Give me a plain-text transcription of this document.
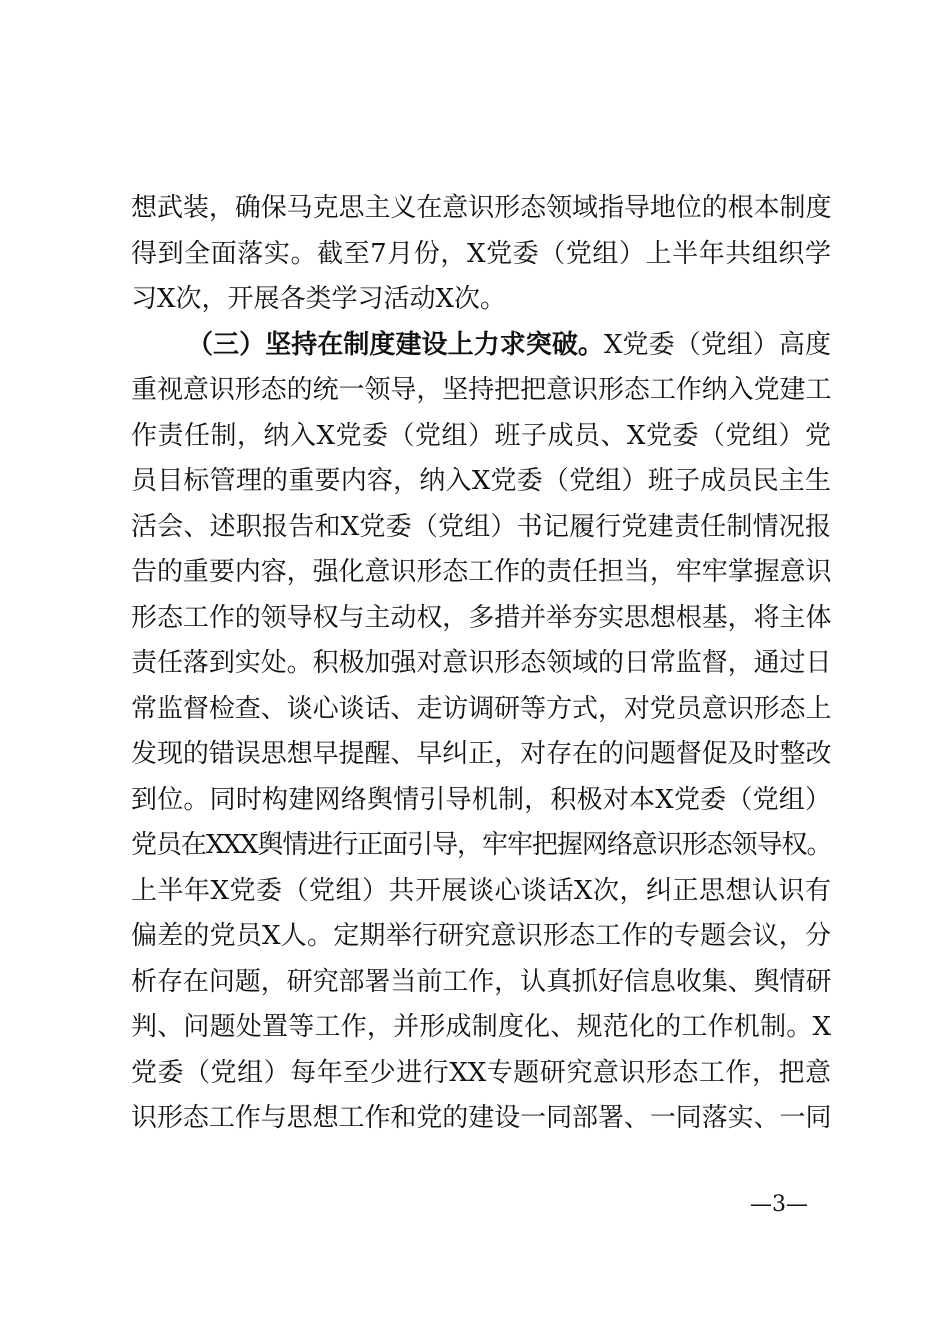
想武装，确保马克思主义在意识形态领域指导地位的根本制度
得到全面落实。截至7月份，X党委（党组）上半年共组织学
习X次，开展各类学习活动X次。
（三）坚持在制度建设上力求突破。X党委（党组）高度
重视意识形态的统一领导，坚持把把意识形态工作纳入党建工
作责任制，纳入X党委（党组）班子成员、X党委（党组）党
员目标管理的重要内容，纳入X党委（党组）班子成员民主生
活会、述职报告和X党委（党组）书记履行党建责任制情况报
告的重要内容，强化意识形态工作的责任担当，牢牢掌握意识
形态工作的领导权与主动权，多措并举夯实思想根基，将主体
责任落到实处。积极加强对意识形态领域的日常监督，通过日
常监督检查、谈心谈话、走访调研等方式，对党员意识形态上
发现的错误思想早提醒、早纠正，对存在的问题督促及时整改
到位。同时构建网络舆情引导机制，积极对本X党委（党组）
党员在XXX舆情进行正面引导，牢牢把握网络意识形态领导权。
上半年X党委（党组）共开展谈心谈话X次，纠正思想认识有
偏差的党员X人。定期举行研究意识形态工作的专题会议，分
析存在问题，研究部署当前工作，认真抓好信息收集、舆情研
判、问题处置等工作，并形成制度化、规范化的工作机制。X
党委（党组）每年至少进行XX专题研究意识形态工作，把意
识形态工作与思想工作和党的建设一同部署、一同落实、一同
—3—
